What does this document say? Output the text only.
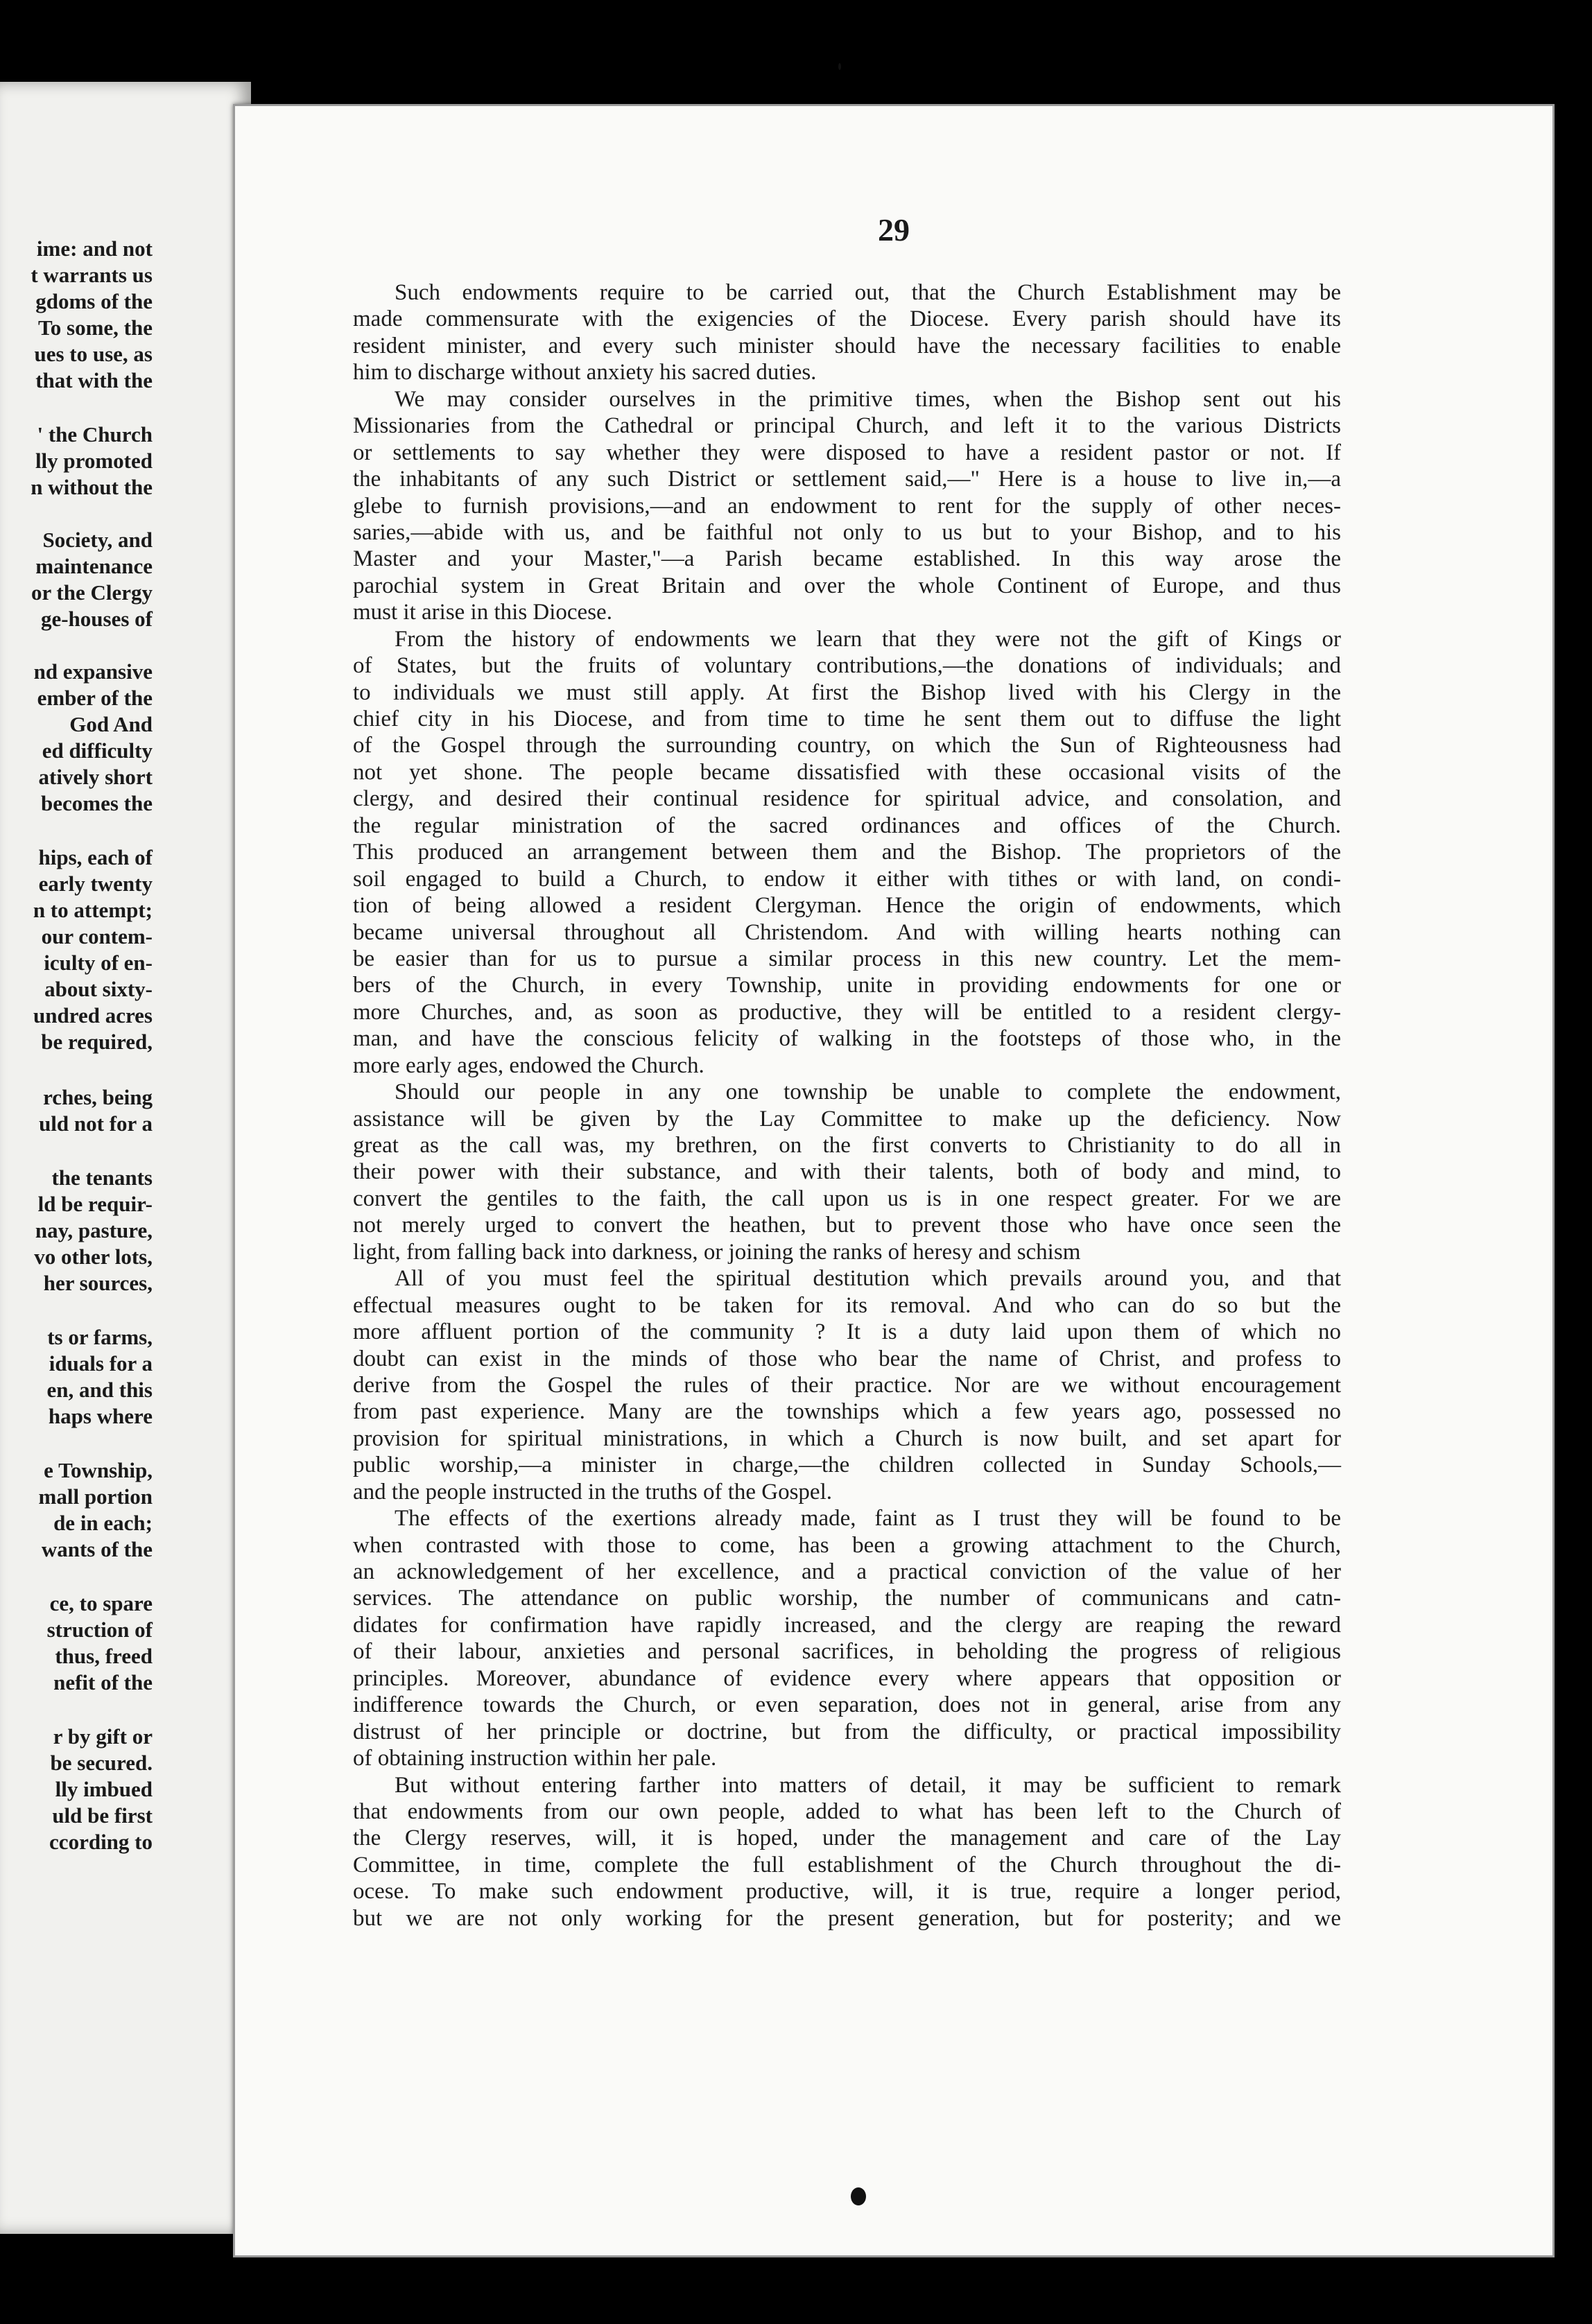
ime: and not
t warrants us
gdoms of the
To some, the
ues to use, as
that with the
' the Church
lly promoted
n without the
Society, and
maintenance
or the Clergy
ge-houses of
nd expansive
ember of the
God And
ed difficulty
atively short
becomes the
hips, each of
early twenty
n to attempt;
our contem-
iculty of en-
about sixty-
undred acres
be required,
rches, being
uld not for a
the tenants
ld be requir-
nay, pasture,
vo other lots,
her sources,
ts or farms,
iduals for a
en, and this
haps where
e Township,
mall portion
de in each;
wants of the
ce, to spare
struction of
thus, freed
nefit of the
r by gift or
be secured.
lly imbued
uld be first
ccording to
29
Such endowments require to be carried out, that the Church Establishment may be
made commensurate with the exigencies of the Diocese. Every parish should have its
resident minister, and every such minister should have the necessary facilities to enable
him to discharge without anxiety his sacred duties.
We may consider ourselves in the primitive times, when the Bishop sent out his
Missionaries from the Cathedral or principal Church, and left it to the various Districts
or settlements to say whether they were disposed to have a resident pastor or not. If
the inhabitants of any such District or settlement said,—" Here is a house to live in,—a
glebe to furnish provisions,—and an endowment to rent for the supply of other neces-
saries,—abide with us, and be faithful not only to us but to your Bishop, and to his
Master and your Master,"—a Parish became established. In this way arose the
parochial system in Great Britain and over the whole Continent of Europe, and thus
must it arise in this Diocese.
From the history of endowments we learn that they were not the gift of Kings or
of States, but the fruits of voluntary contributions,—the donations of individuals; and
to individuals we must still apply. At first the Bishop lived with his Clergy in the
chief city in his Diocese, and from time to time he sent them out to diffuse the light
of the Gospel through the surrounding country, on which the Sun of Righteousness had
not yet shone. The people became dissatisfied with these occasional visits of the
clergy, and desired their continual residence for spiritual advice, and consolation, and
the regular ministration of the sacred ordinances and offices of the Church.
This produced an arrangement between them and the Bishop. The proprietors of the
soil engaged to build a Church, to endow it either with tithes or with land, on condi-
tion of being allowed a resident Clergyman. Hence the origin of endowments, which
became universal throughout all Christendom. And with willing hearts nothing can
be easier than for us to pursue a similar process in this new country. Let the mem-
bers of the Church, in every Township, unite in providing endowments for one or
more Churches, and, as soon as productive, they will be entitled to a resident clergy-
man, and have the conscious felicity of walking in the footsteps of those who, in the
more early ages, endowed the Church.
Should our people in any one township be unable to complete the endowment,
assistance will be given by the Lay Committee to make up the deficiency. Now
great as the call was, my brethren, on the first converts to Christianity to do all in
their power with their substance, and with their talents, both of body and mind, to
convert the gentiles to the faith, the call upon us is in one respect greater. For we are
not merely urged to convert the heathen, but to prevent those who have once seen the
light, from falling back into darkness, or joining the ranks of heresy and schism
All of you must feel the spiritual destitution which prevails around you, and that
effectual measures ought to be taken for its removal. And who can do so but the
more affluent portion of the community ? It is a duty laid upon them of which no
doubt can exist in the minds of those who bear the name of Christ, and profess to
derive from the Gospel the rules of their practice. Nor are we without encouragement
from past experience. Many are the townships which a few years ago, possessed no
provision for spiritual ministrations, in which a Church is now built, and set apart for
public worship,—a minister in charge,—the children collected in Sunday Schools,—
and the people instructed in the truths of the Gospel.
The effects of the exertions already made, faint as I trust they will be found to be
when contrasted with those to come, has been a growing attachment to the Church,
an acknowledgement of her excellence, and a practical conviction of the value of her
services. The attendance on public worship, the number of communicans and catn-
didates for confirmation have rapidly increased, and the clergy are reaping the reward
of their labour, anxieties and personal sacrifices, in beholding the progress of religious
principles. Moreover, abundance of evidence every where appears that opposition or
indifference towards the Church, or even separation, does not in general, arise from any
distrust of her principle or doctrine, but from the difficulty, or practical impossibility
of obtaining instruction within her pale.
But without entering farther into matters of detail, it may be sufficient to remark
that endowments from our own people, added to what has been left to the Church of
the Clergy reserves, will, it is hoped, under the management and care of the Lay
Committee, in time, complete the full establishment of the Church throughout the di-
ocese. To make such endowment productive, will, it is true, require a longer period,
but we are not only working for the present generation, but for posterity; and we
